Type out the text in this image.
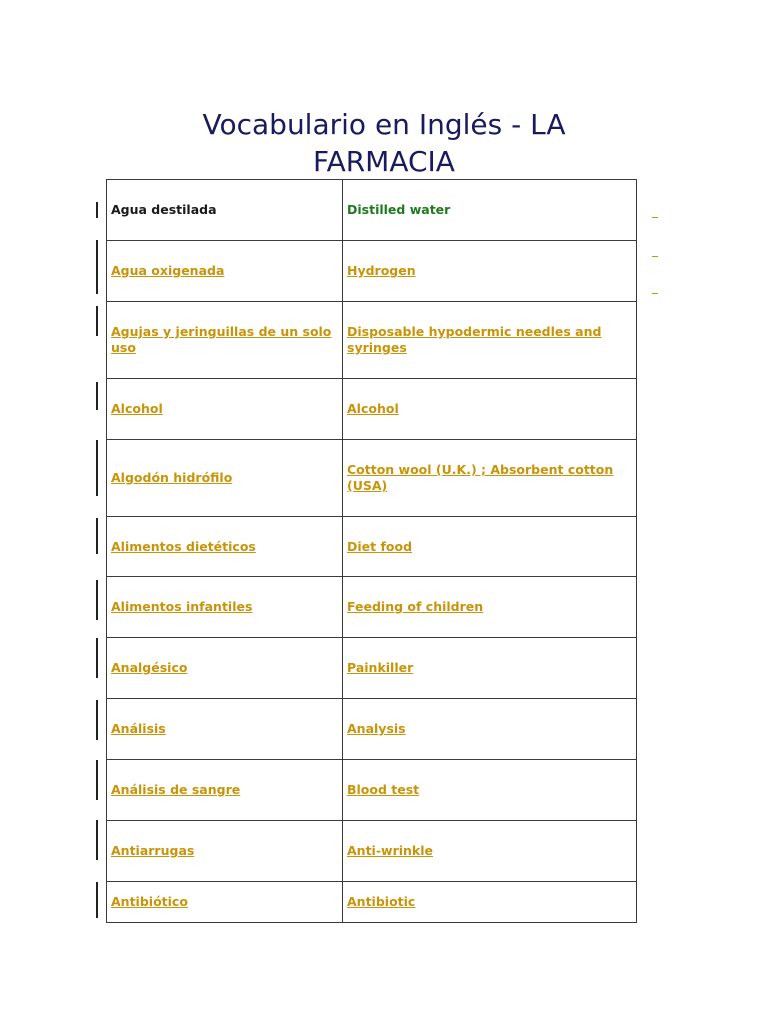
Vocabulario en Inglés - LA
FARMACIA
Agua destilada	Distilled water
Agua oxigenada	Hydrogen
Agujas y jeringuillas de un solo uso	Disposable hypodermic needles and syringes
Alcohol	Alcohol
Algodón hidrófilo	Cotton wool (U.K.) ; Absorbent cotton (USA)
Alimentos dietéticos	Diet food
Alimentos infantiles	Feeding of children
Analgésico	Painkiller
Análisis	Analysis
Análisis de sangre	Blood test
Antiarrugas	Anti-wrinkle
Antibiótico	Antibiotic
